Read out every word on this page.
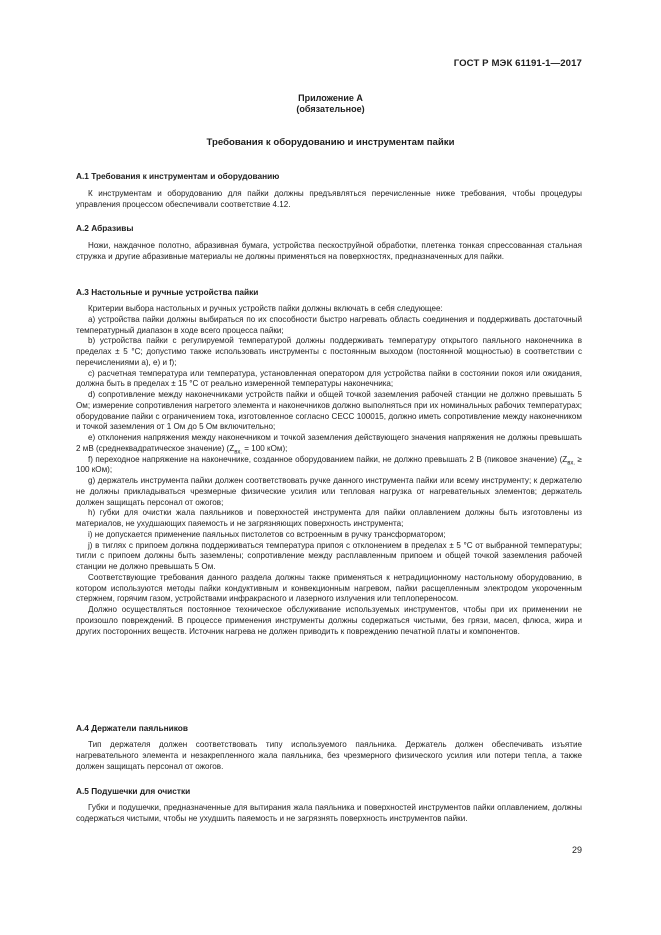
ГОСТ Р МЭК 61191-1—2017
Приложение А
(обязательное)
Требования к оборудованию и инструментам пайки
А.1 Требования к инструментам и оборудованию

К инструментам и оборудованию для пайки должны предъявляться перечисленные ниже требования, чтобы процедуры управления процессом обеспечивали соответствие 4.12.

А.2 Абразивы

Ножи, наждачное полотно, абразивная бумага, устройства пескоструйной обработки, плетенка тонкая спрессованная стальная стружка и другие абразивные материалы не должны применяться на поверхностях, предназначенных для пайки.

А.3 Настольные и ручные устройства пайки

Критерии выбора настольных и ручных устройств пайки должны включать в себя следующее:

а) устройства пайки должны выбираться по их способности быстро нагревать область соединения и поддерживать достаточный температурный диапазон в ходе всего процесса пайки;

b) устройства пайки с регулируемой температурой должны поддерживать температуру открытого паяльного наконечника в пределах ± 5 °С; допустимо также использовать инструменты с постоянным выходом (постоянной мощностью) в соответствии с перечислениями а), е) и f);

c) расчетная температура или температура, установленная оператором для устройства пайки в состоянии покоя или ожидания, должна быть в пределах ± 15 °С от реально измеренной температуры наконечника;

d) сопротивление между наконечниками устройств пайки и общей точкой заземления рабочей станции не должно превышать 5 Ом; измерение сопротивления нагретого элемента и наконечников должно выполняться при их номинальных рабочих температурах; оборудование пайки с ограничением тока, изготовленное согласно СЕСС 100015, должно иметь сопротивление между наконечником и точкой заземления от 1 Ом до 5 Ом включительно;

е) отклонения напряжения между наконечником и точкой заземления действующего значения напряжения не должны превышать 2 мВ (среднеквадратическое значение) ($Z_{вх.} = 100$ кОм);

f) переходное напряжение на наконечнике, созданное оборудованием пайки, не должно превышать 2 В (пиковое значение) ($Z_{вх.} \ge 100$ кОм);

g) держатель инструмента пайки должен соответствовать ручке данного инструмента пайки или всему инструменту; к держателю не должны прикладываться чрезмерные физические усилия или тепловая нагрузка от нагревательных элементов; держатель должен защищать персонал от ожогов;

h) губки для очистки жала паяльников и поверхностей инструмента для пайки оплавлением должны быть изготовлены из материалов, не ухудшающих паяемость и не загрязняющих поверхность инструмента;

i) не допускается применение паяльных пистолетов со встроенным в ручку трансформатором;

j) в тиглях с припоем должна поддерживаться температура припоя с отклонением в пределах ± 5 °С от выбранной температуры; тигли с припоем должны быть заземлены; сопротивление между расплавленным припоем и общей точкой заземления рабочей станции не должно превышать 5 Ом.

Соответствующие требования данного раздела должны также применяться к нетрадиционному настольному оборудованию, в котором используются методы пайки кондуктивным и конвекционным нагревом, пайки расщепленным электродом укороченным стержнем, горячим газом, устройствами инфракрасного и лазерного излучения или теплопереносом.

Должно осуществляться постоянное техническое обслуживание используемых инструментов, чтобы при их применении не произошло повреждений. В процессе применения инструменты должны содержаться чистыми, без грязи, масел, флюса, жира и других посторонних веществ. Источник нагрева не должен приводить к повреждению печатной платы и компонентов.

А.4 Держатели паяльников

Тип держателя должен соответствовать типу используемого паяльника. Держатель должен обеспечивать изъятие нагревательного элемента и незакрепленного жала паяльника, без чрезмерного физического усилия или потери тепла, а также должен защищать персонал от ожогов.

А.5 Подушечки для очистки

Губки и подушечки, предназначенные для вытирания жала паяльника и поверхностей инструментов пайки оплавлением, должны содержаться чистыми, чтобы не ухудшить паяемость и не загрязнять поверхность инструментов пайки.

29
